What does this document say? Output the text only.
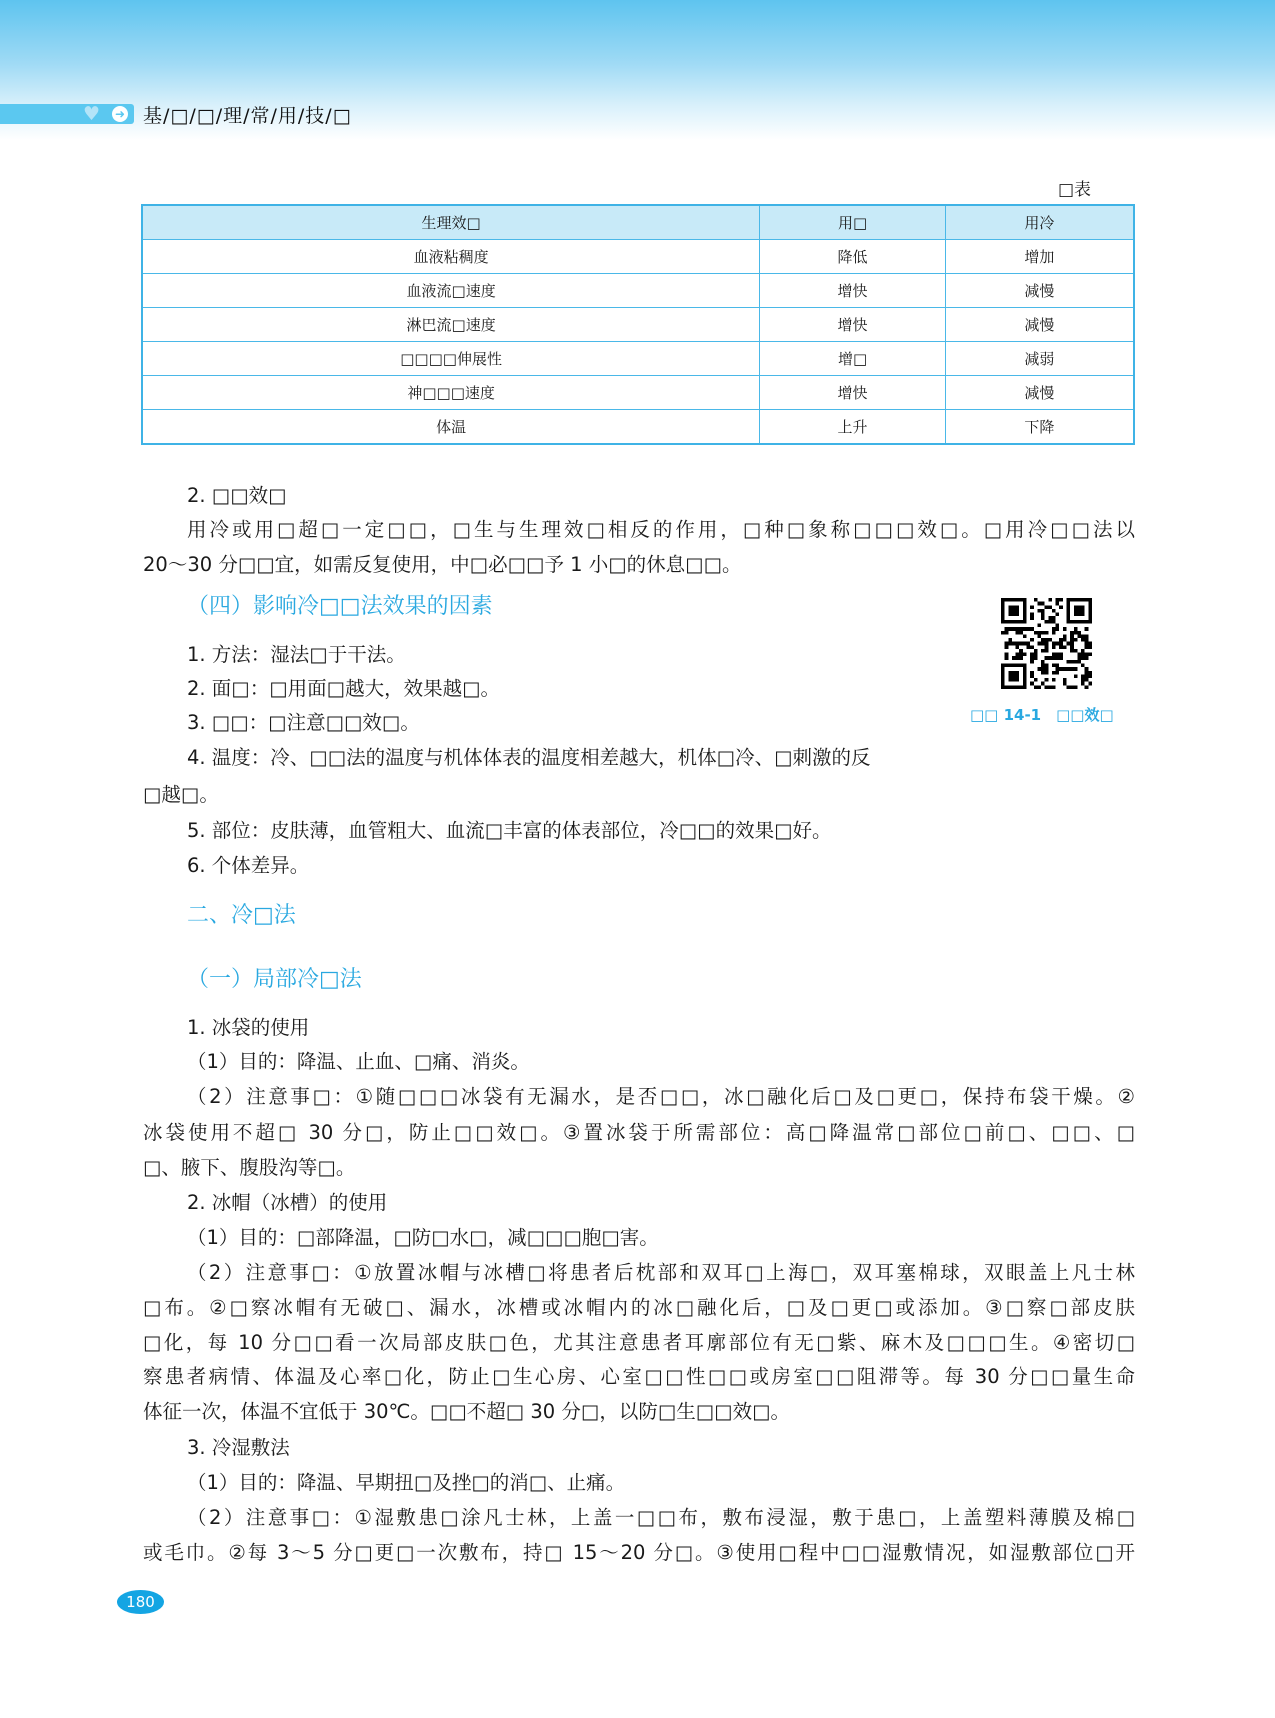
♥ ➜ 基/□/□/理/常/用/技/□
□表
生理效□	用□	用冷
血液粘稠度	降低	增加
血液流□速度	增快	减慢
淋巴流□速度	增快	减慢
□□□□伸展性	增□	减弱
神□□□速度	增快	减慢
体温	上升	下降
□□ 14-1　□□效□
2. □□效□
用冷或用□超□一定□□，□生与生理效□相反的作用，□种□象称□□□效□。□用冷□□法以
20～30 分□□宜，如需反复使用，中□必□□予 1 小□的休息□□。
（四）影响冷□□法效果的因素
1. 方法：湿法□于干法。
2. 面□：□用面□越大，效果越□。
3. □□：□注意□□效□。
4. 温度：冷、□□法的温度与机体体表的温度相差越大，机体□冷、□刺激的反
□越□。
5. 部位：皮肤薄，血管粗大、血流□丰富的体表部位，冷□□的效果□好。
6. 个体差异。
二、冷□法
（一）局部冷□法
1. 冰袋的使用
（1）目的：降温、止血、□痛、消炎。
（2）注意事□：①随□□□冰袋有无漏水，是否□□，冰□融化后□及□更□，保持布袋干燥。②
冰袋使用不超□ 30 分□，防止□□效□。③置冰袋于所需部位：高□降温常□部位□前□、□□、□
□、腋下、腹股沟等□。
2. 冰帽（冰槽）的使用
（1）目的：□部降温，□防□水□，减□□□胞□害。
（2）注意事□：①放置冰帽与冰槽□将患者后枕部和双耳□上海□，双耳塞棉球，双眼盖上凡士林
□布。②□察冰帽有无破□、漏水，冰槽或冰帽内的冰□融化后，□及□更□或添加。③□察□部皮肤
□化，每 10 分□□看一次局部皮肤□色，尤其注意患者耳廓部位有无□紫、麻木及□□□生。④密切□
察患者病情、体温及心率□化，防止□生心房、心室□□性□□或房室□□阻滞等。每 30 分□□量生命
体征一次，体温不宜低于 30℃。□□不超□ 30 分□，以防□生□□效□。
3. 冷湿敷法
（1）目的：降温、早期扭□及挫□的消□、止痛。
（2）注意事□：①湿敷患□涂凡士林，上盖一□□布，敷布浸湿，敷于患□，上盖塑料薄膜及棉□
或毛巾。②每 3～5 分□更□一次敷布，持□ 15～20 分□。③使用□程中□□湿敷情况，如湿敷部位□开
180
